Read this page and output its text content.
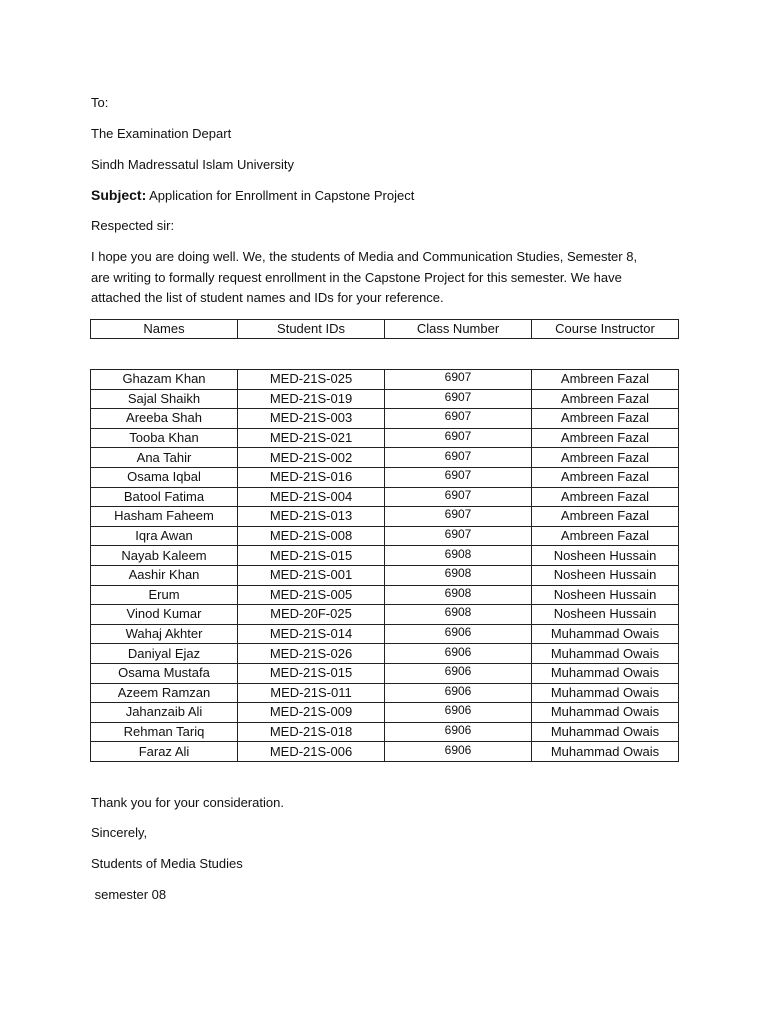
To:
The Examination Depart
Sindh Madressatul Islam University
Subject: Application for Enrollment in Capstone Project
Respected sir:
I hope you are doing well. We, the students of Media and Communication Studies, Semester 8,
are writing to formally request enrollment in the Capstone Project for this semester. We have
attached the list of student names and IDs for your reference.
Names	Student IDs	Class Number	Course Instructor
Ghazam Khan	MED-21S-025	6907	Ambreen Fazal
Sajal Shaikh	MED-21S-019	6907	Ambreen Fazal
Areeba Shah	MED-21S-003	6907	Ambreen Fazal
Tooba Khan	MED-21S-021	6907	Ambreen Fazal
Ana Tahir	MED-21S-002	6907	Ambreen Fazal
Osama Iqbal	MED-21S-016	6907	Ambreen Fazal
Batool Fatima	MED-21S-004	6907	Ambreen Fazal
Hasham Faheem	MED-21S-013	6907	Ambreen Fazal
Iqra Awan	MED-21S-008	6907	Ambreen Fazal
Nayab Kaleem	MED-21S-015	6908	Nosheen Hussain
Aashir Khan	MED-21S-001	6908	Nosheen Hussain
Erum	MED-21S-005	6908	Nosheen Hussain
Vinod Kumar	MED-20F-025	6908	Nosheen Hussain
Wahaj Akhter	MED-21S-014	6906	Muhammad Owais
Daniyal Ejaz	MED-21S-026	6906	Muhammad Owais
Osama Mustafa	MED-21S-015	6906	Muhammad Owais
Azeem Ramzan	MED-21S-011	6906	Muhammad Owais
Jahanzaib Ali	MED-21S-009	6906	Muhammad Owais
Rehman Tariq	MED-21S-018	6906	Muhammad Owais
Faraz Ali	MED-21S-006	6906	Muhammad Owais
Thank you for your consideration.
Sincerely,
Students of Media Studies
semester 08
